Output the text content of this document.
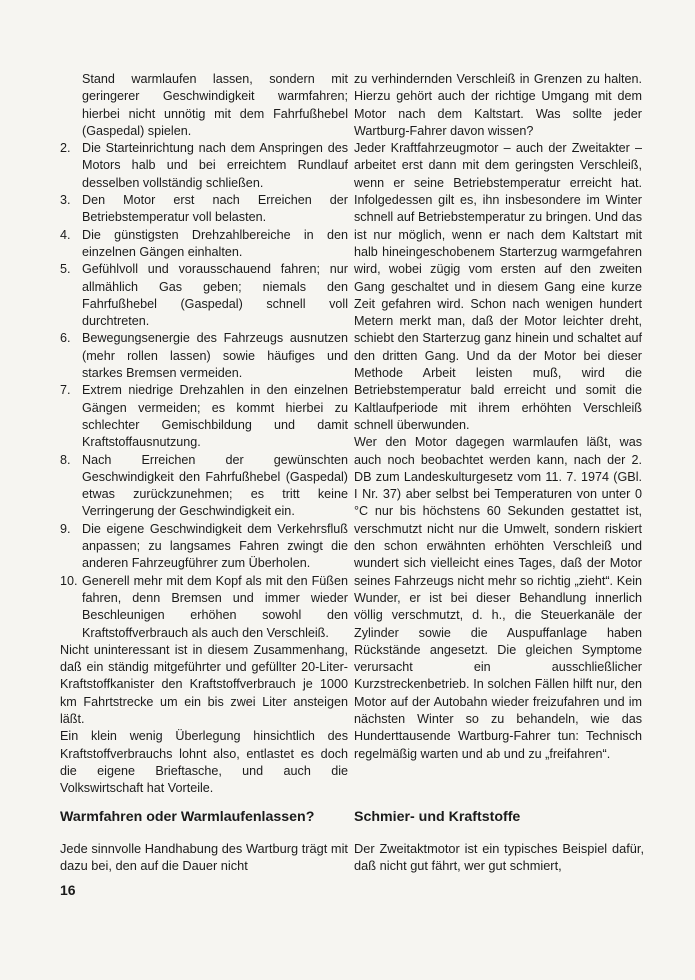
Stand warmlaufen lassen, sondern mit geringerer Geschwindigkeit warmfahren; hierbei nicht unnötig mit dem Fahrfußhebel (Gaspedal) spielen.

2. Die Starteinrichtung nach dem Anspringen des Motors halb und bei erreichtem Rundlauf desselben vollständig schließen.
3. Den Motor erst nach Erreichen der Betriebstemperatur voll belasten.
4. Die günstigsten Drehzahlbereiche in den einzelnen Gängen einhalten.
5. Gefühlvoll und vorausschauend fahren; nur allmählich Gas geben; niemals den Fahrfußhebel (Gaspedal) schnell voll durchtreten.
6. Bewegungsenergie des Fahrzeugs ausnutzen (mehr rollen lassen) sowie häufiges und starkes Bremsen vermeiden.
7. Extrem niedrige Drehzahlen in den einzelnen Gängen vermeiden; es kommt hierbei zu schlechter Gemischbildung und damit Kraftstoffausnutzung.
8. Nach Erreichen der gewünschten Geschwindigkeit den Fahrfußhebel (Gaspedal) etwas zurückzunehmen; es tritt keine Verringerung der Geschwindigkeit ein.
9. Die eigene Geschwindigkeit dem Verkehrsfluß anpassen; zu langsames Fahren zwingt die anderen Fahrzeugführer zum Überholen.
10. Generell mehr mit dem Kopf als mit den Füßen fahren, denn Bremsen und immer wieder Beschleunigen erhöhen sowohl den Kraftstoffverbrauch als auch den Verschleiß.

Nicht uninteressant ist in diesem Zusammenhang, daß ein ständig mitgeführter und gefüllter 20-Liter-Kraftstoffkanister den Kraftstoffverbrauch je 1000 km Fahrtstrecke um ein bis zwei Liter ansteigen läßt.

Ein klein wenig Überlegung hinsichtlich des Kraftstoffverbrauchs lohnt also, entlastet es doch die eigene Brieftasche, und auch die Volkswirtschaft hat Vorteile.

zu verhindernden Verschleiß in Grenzen zu halten. Hierzu gehört auch der richtige Umgang mit dem Motor nach dem Kaltstart. Was sollte jeder Wartburg-Fahrer davon wissen?

Jeder Kraftfahrzeugmotor – auch der Zweitakter – arbeitet erst dann mit dem geringsten Verschleiß, wenn er seine Betriebstemperatur erreicht hat. Infolgedessen gilt es, ihn insbesondere im Winter schnell auf Betriebstemperatur zu bringen. Und das ist nur möglich, wenn er nach dem Kaltstart mit halb hineingeschobenem Starterzug warmgefahren wird, wobei zügig vom ersten auf den zweiten Gang geschaltet und in diesem Gang eine kurze Zeit gefahren wird. Schon nach wenigen hundert Metern merkt man, daß der Motor leichter dreht, schiebt den Starterzug ganz hinein und schaltet auf den dritten Gang. Und da der Motor bei dieser Methode Arbeit leisten muß, wird die Betriebstemperatur bald erreicht und somit die Kaltlaufperiode mit ihrem erhöhten Verschleiß schnell überwunden.

Wer den Motor dagegen warmlaufen läßt, was auch noch beobachtet werden kann, nach der 2. DB zum Landeskulturgesetz vom 11. 7. 1974 (GBl. I Nr. 37) aber selbst bei Temperaturen von unter 0 °C nur bis höchstens 60 Sekunden gestattet ist, verschmutzt nicht nur die Umwelt, sondern riskiert den schon erwähnten erhöhten Verschleiß und wundert sich vielleicht eines Tages, daß der Motor seines Fahrzeugs nicht mehr so richtig „zieht“. Kein Wunder, er ist bei dieser Behandlung innerlich völlig verschmutzt, d. h., die Steuerkanäle der Zylinder sowie die Auspuffanlage haben Rückstände angesetzt. Die gleichen Symptome verursacht ein ausschließlicher Kurzstreckenbetrieb. In solchen Fällen hilft nur, den Motor auf der Autobahn wieder freizufahren und im nächsten Winter so zu behandeln, wie das Hunderttausende Wartburg-Fahrer tun: Technisch regelmäßig warten und ab und zu „freifahren“.

Warmfahren oder Warmlaufenlassen?

Jede sinnvolle Handhabung des Wartburg trägt mit dazu bei, den auf die Dauer nicht

Schmier- und Kraftstoffe

Der Zweitaktmotor ist ein typisches Beispiel dafür, daß nicht gut fährt, wer gut schmiert,

16
